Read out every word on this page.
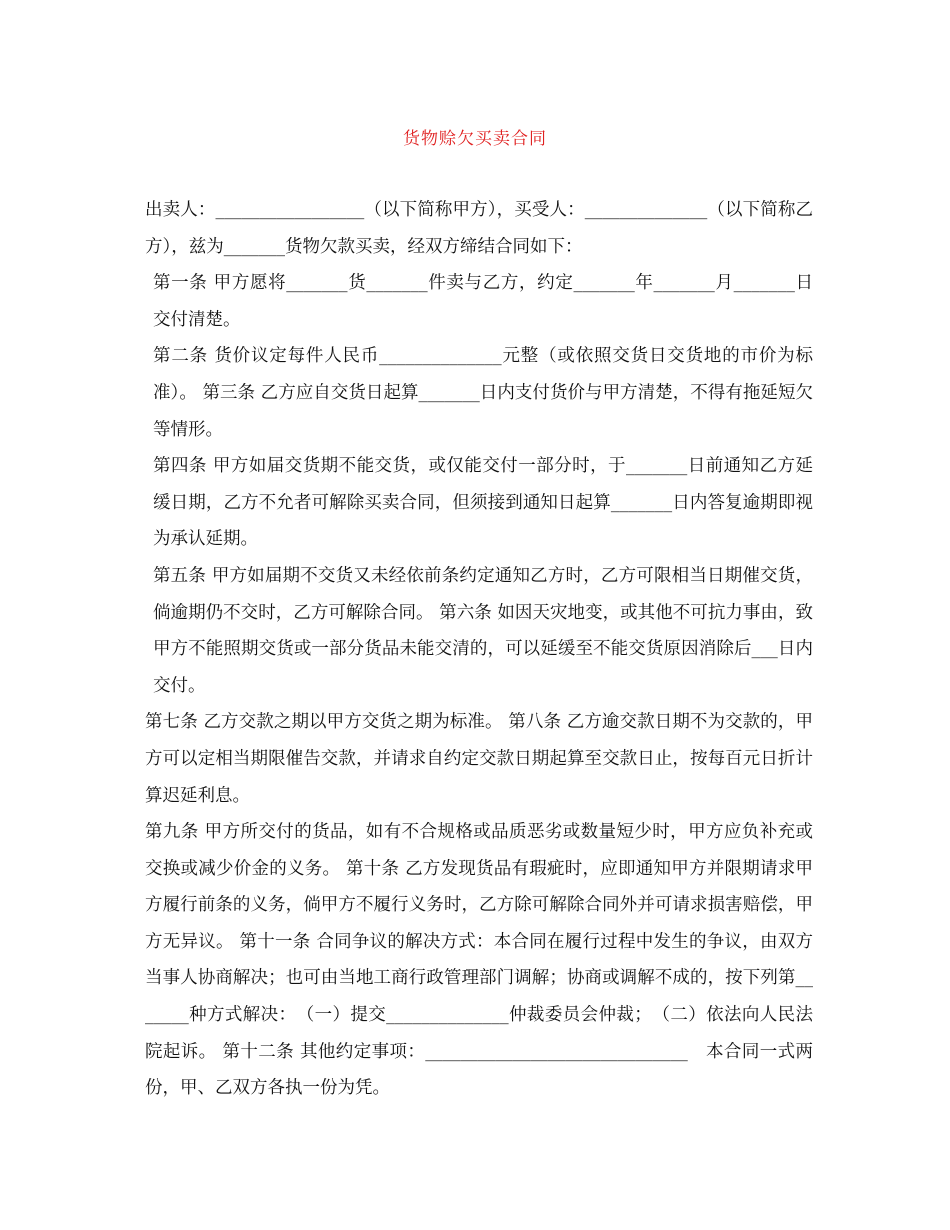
货物赊欠买卖合同

出卖人：_________________（以下简称甲方），买受人：______________（以下简称乙方），兹为_______货物欠款买卖，经双方缔结合同如下：

第一条 甲方愿将_______货_______件卖与乙方，约定_______年_______月_______日交付清楚。

第二条 货价议定每件人民币______________元整（或依照交货日交货地的市价为标准）。 第三条 乙方应自交货日起算_______日内支付货价与甲方清楚，不得有拖延短欠等情形。

第四条 甲方如届交货期不能交货，或仅能交付一部分时，于_______日前通知乙方延缓日期，乙方不允者可解除买卖合同，但须接到通知日起算_______日内答复逾期即视为承认延期。

第五条 甲方如届期不交货又未经依前条约定通知乙方时，乙方可限相当日期催交货，倘逾期仍不交时，乙方可解除合同。 第六条 如因天灾地变，或其他不可抗力事由，致甲方不能照期交货或一部分货品未能交清的，可以延缓至不能交货原因消除后___日内交付。

第七条 乙方交款之期以甲方交货之期为标准。 第八条 乙方逾交款日期不为交款的，甲方可以定相当期限催告交款，并请求自约定交款日期起算至交款日止，按每百元日折计算迟延利息。

第九条 甲方所交付的货品，如有不合规格或品质恶劣或数量短少时，甲方应负补充或交换或减少价金的义务。 第十条 乙方发现货品有瑕疵时，应即通知甲方并限期请求甲方履行前条的义务，倘甲方不履行义务时，乙方除可解除合同外并可请求损害赔偿，甲方无异议。 第十一条 合同争议的解决方式：本合同在履行过程中发生的争议，由双方当事人协商解决；也可由当地工商行政管理部门调解；协商或调解不成的，按下列第_______种方式解决：　（一）提交______________仲裁委员会仲裁；　（二）依法向人民法院起诉。 第十二条 其他约定事项：______________________________　本合同一式两份，甲、乙双方各执一份为凭。
